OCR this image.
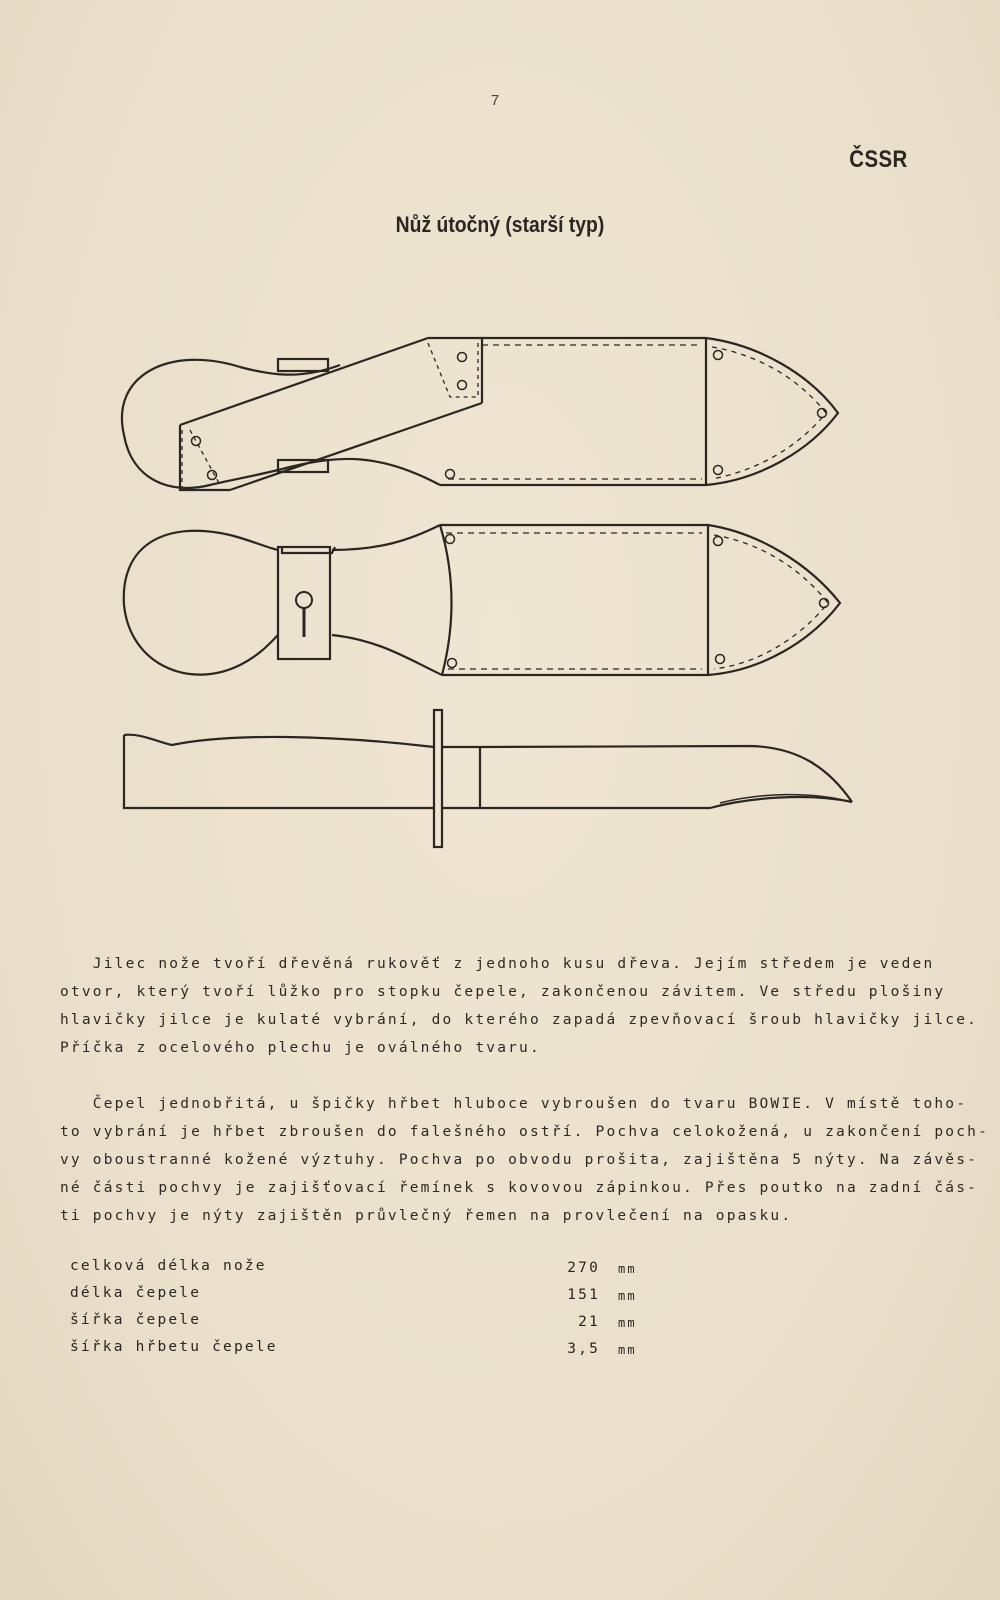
7
ČSSR
Nůž útočný (starší typ)
Jilec nože tvoří dřevěná rukověť z jednoho kusu dřeva. Jejím středem je veden
otvor, který tvoří lůžko pro stopku čepele, zakončenou závitem. Ve středu plošiny
hlavičky jilce je kulaté vybrání, do kterého zapadá zpevňovací šroub hlavičky jilce.
Příčka z ocelového plechu je oválného tvaru.
Čepel jednobřitá, u špičky hřbet hluboce vybroušen do tvaru BOWIE. V místě toho-
to vybrání je hřbet zbroušen do falešného ostří. Pochva celokožená, u zakončení poch-
vy oboustranné kožené výztuhy. Pochva po obvodu prošita, zajištěna 5 nýty. Na závěs-
né části pochvy je zajišťovací řemínek s kovovou zápinkou. Přes poutko na zadní čás-
ti pochvy je nýty zajištěn průvlečný řemen na provlečení na opasku.
celková délka nože	270 mm
délka čepele	151 mm
šířka čepele	21 mm
šířka hřbetu čepele	3,5 mm
